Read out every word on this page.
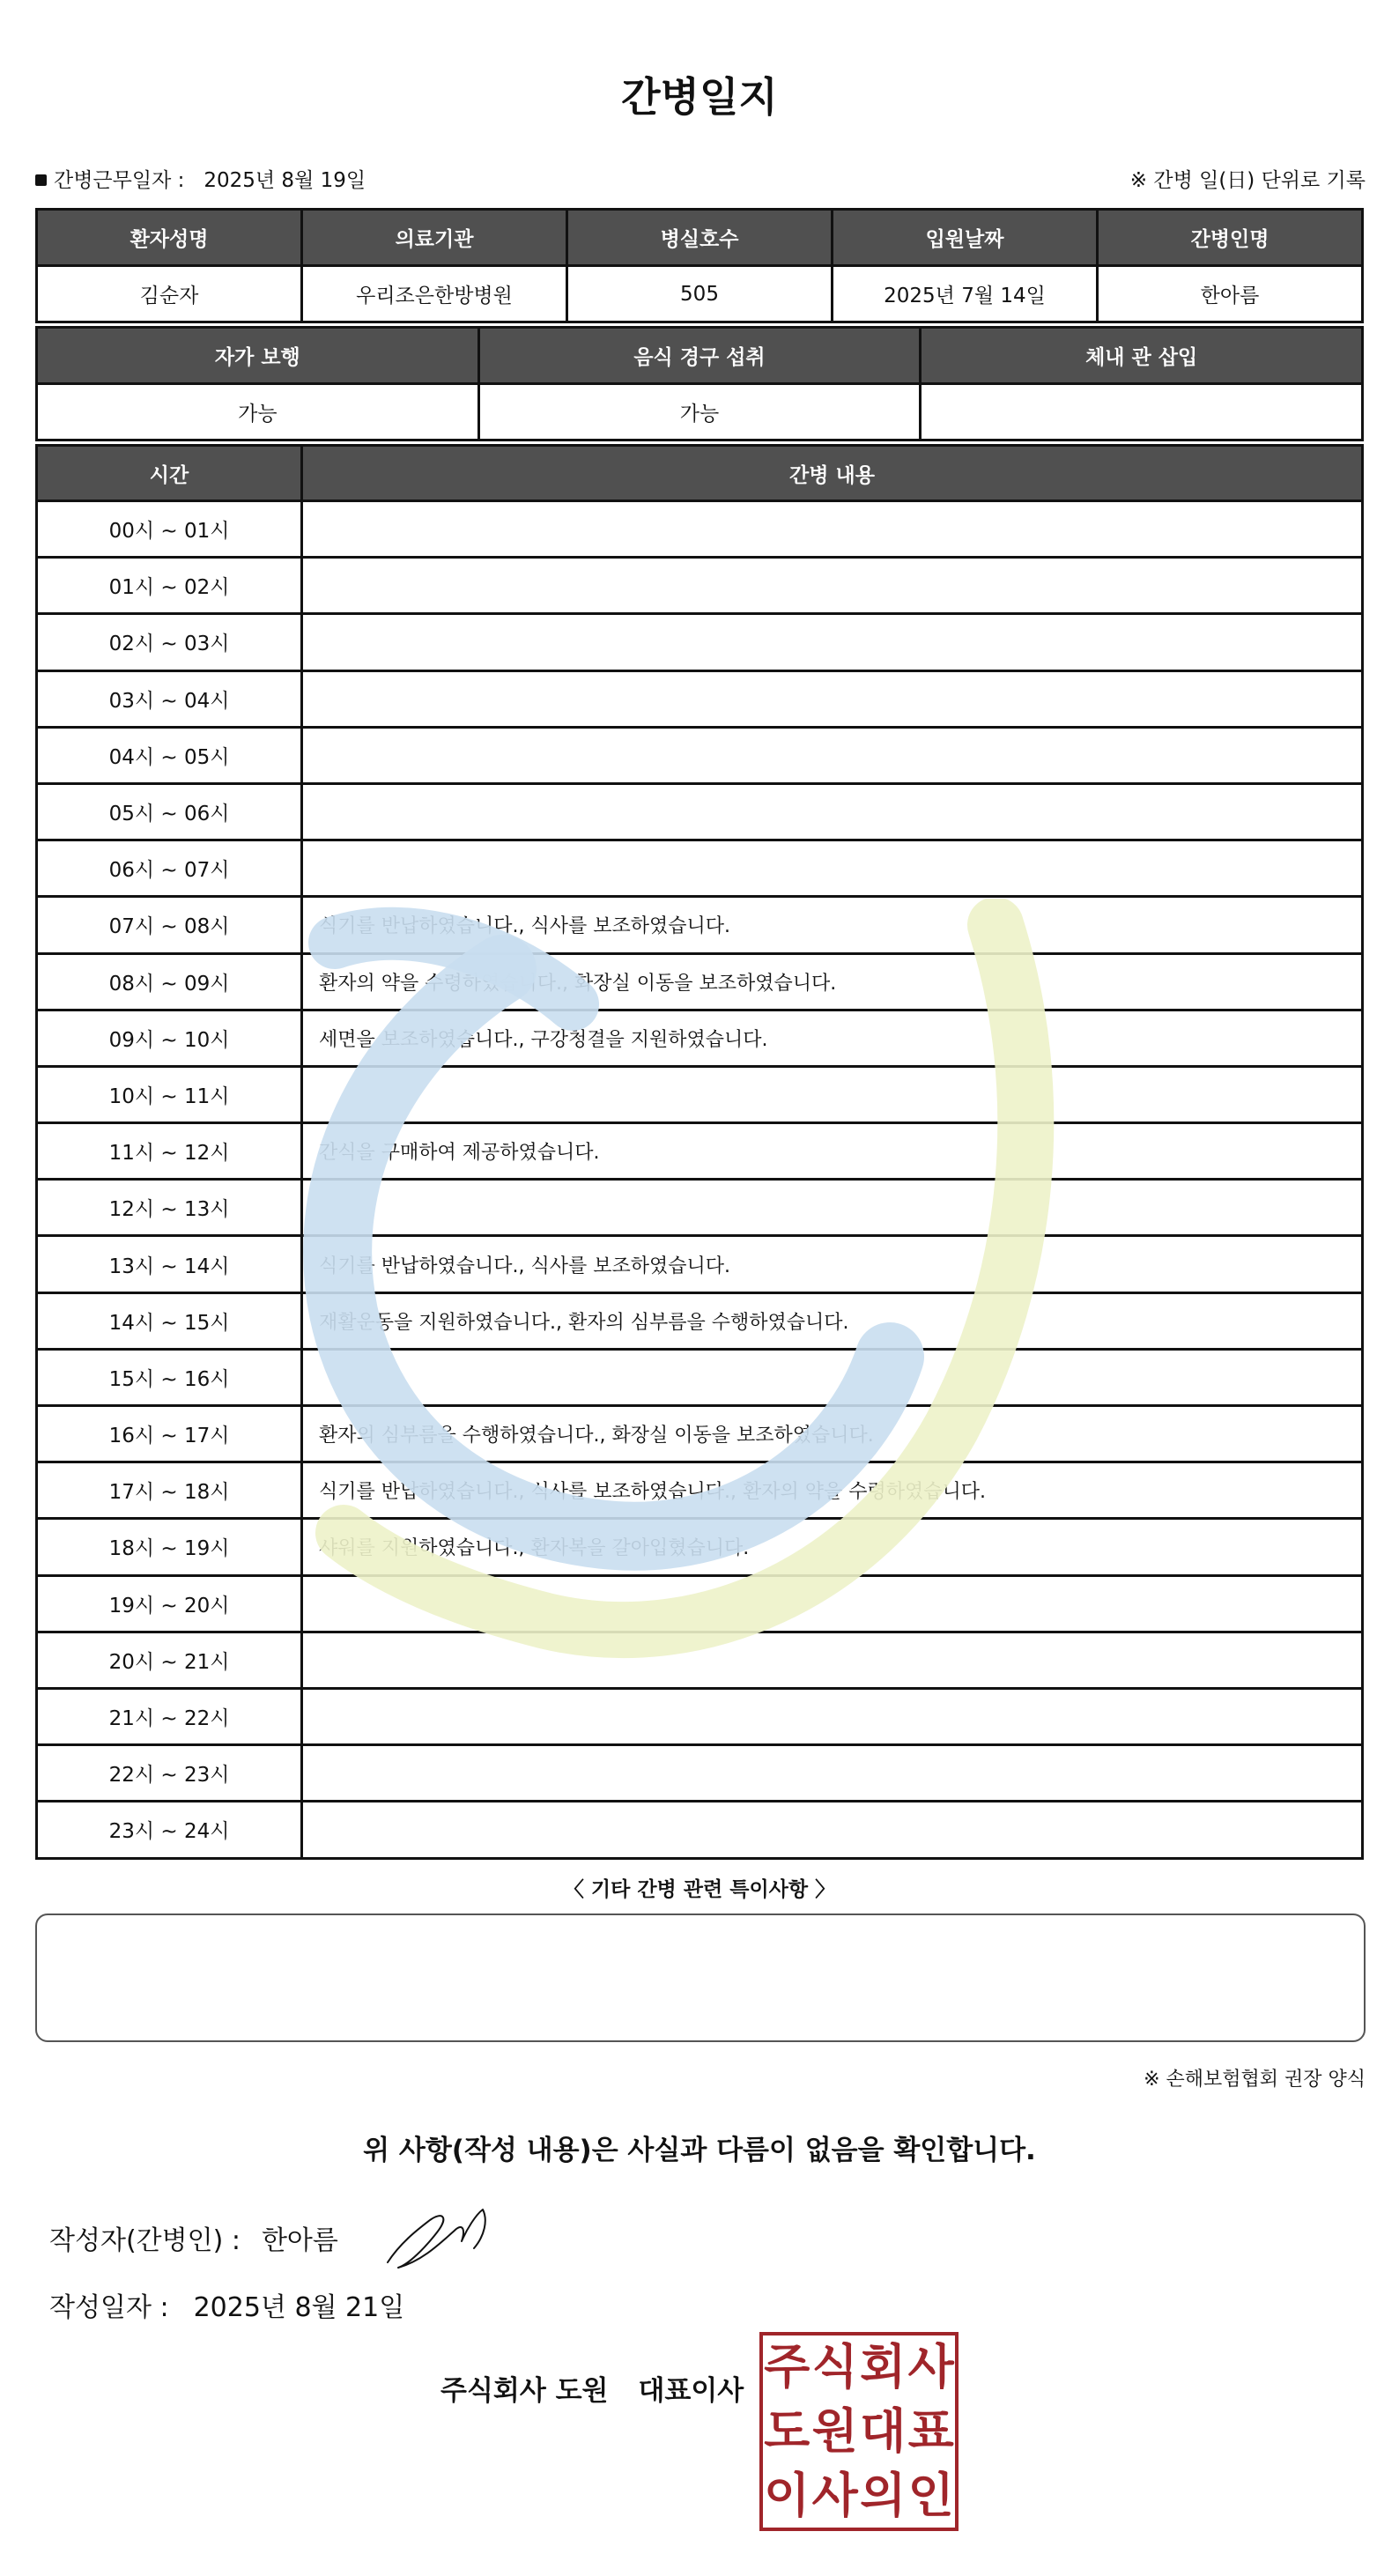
간병일지
간병근무일자 : 2025년 8월 19일	※ 간병 일(日) 단위로 기록
환자성명	의료기관	병실호수	입원날짜	간병인명
김순자	우리조은한방병원	505	2025년 7월 14일	한아름
자가 보행	음식 경구 섭취	체내 관 삽입
가능	가능	
시간	간병 내용
00시 ~ 01시	
01시 ~ 02시	
02시 ~ 03시	
03시 ~ 04시	
04시 ~ 05시	
05시 ~ 06시	
06시 ~ 07시	
07시 ~ 08시	식기를 반납하였습니다., 식사를 보조하였습니다.
08시 ~ 09시	환자의 약을 수령하였습니다., 화장실 이동을 보조하였습니다.
09시 ~ 10시	세면을 보조하였습니다., 구강청결을 지원하였습니다.
10시 ~ 11시	
11시 ~ 12시	간식을 구매하여 제공하였습니다.
12시 ~ 13시	
13시 ~ 14시	식기를 반납하였습니다., 식사를 보조하였습니다.
14시 ~ 15시	재활운동을 지원하였습니다., 환자의 심부름을 수행하였습니다.
15시 ~ 16시	
16시 ~ 17시	환자의 심부름을 수행하였습니다., 화장실 이동을 보조하였습니다.
17시 ~ 18시	식기를 반납하였습니다., 식사를 보조하였습니다., 환자의 약을 수령하였습니다.
18시 ~ 19시	샤워를 지원하였습니다., 환자복을 갈아입혔습니다.
19시 ~ 20시	
20시 ~ 21시	
21시 ~ 22시	
22시 ~ 23시	
23시 ~ 24시	
〈 기타 간병 관련 특이사항 〉
※ 손해보험협회 권장 양식
위 사항(작성 내용)은 사실과 다름이 없음을 확인합니다.
작성자(간병인) : 한아름
작성일자 : 2025년 8월 21일
주식회사 도원 대표이사 주 식 회 사
도 원 대 표
이 사 의 인
